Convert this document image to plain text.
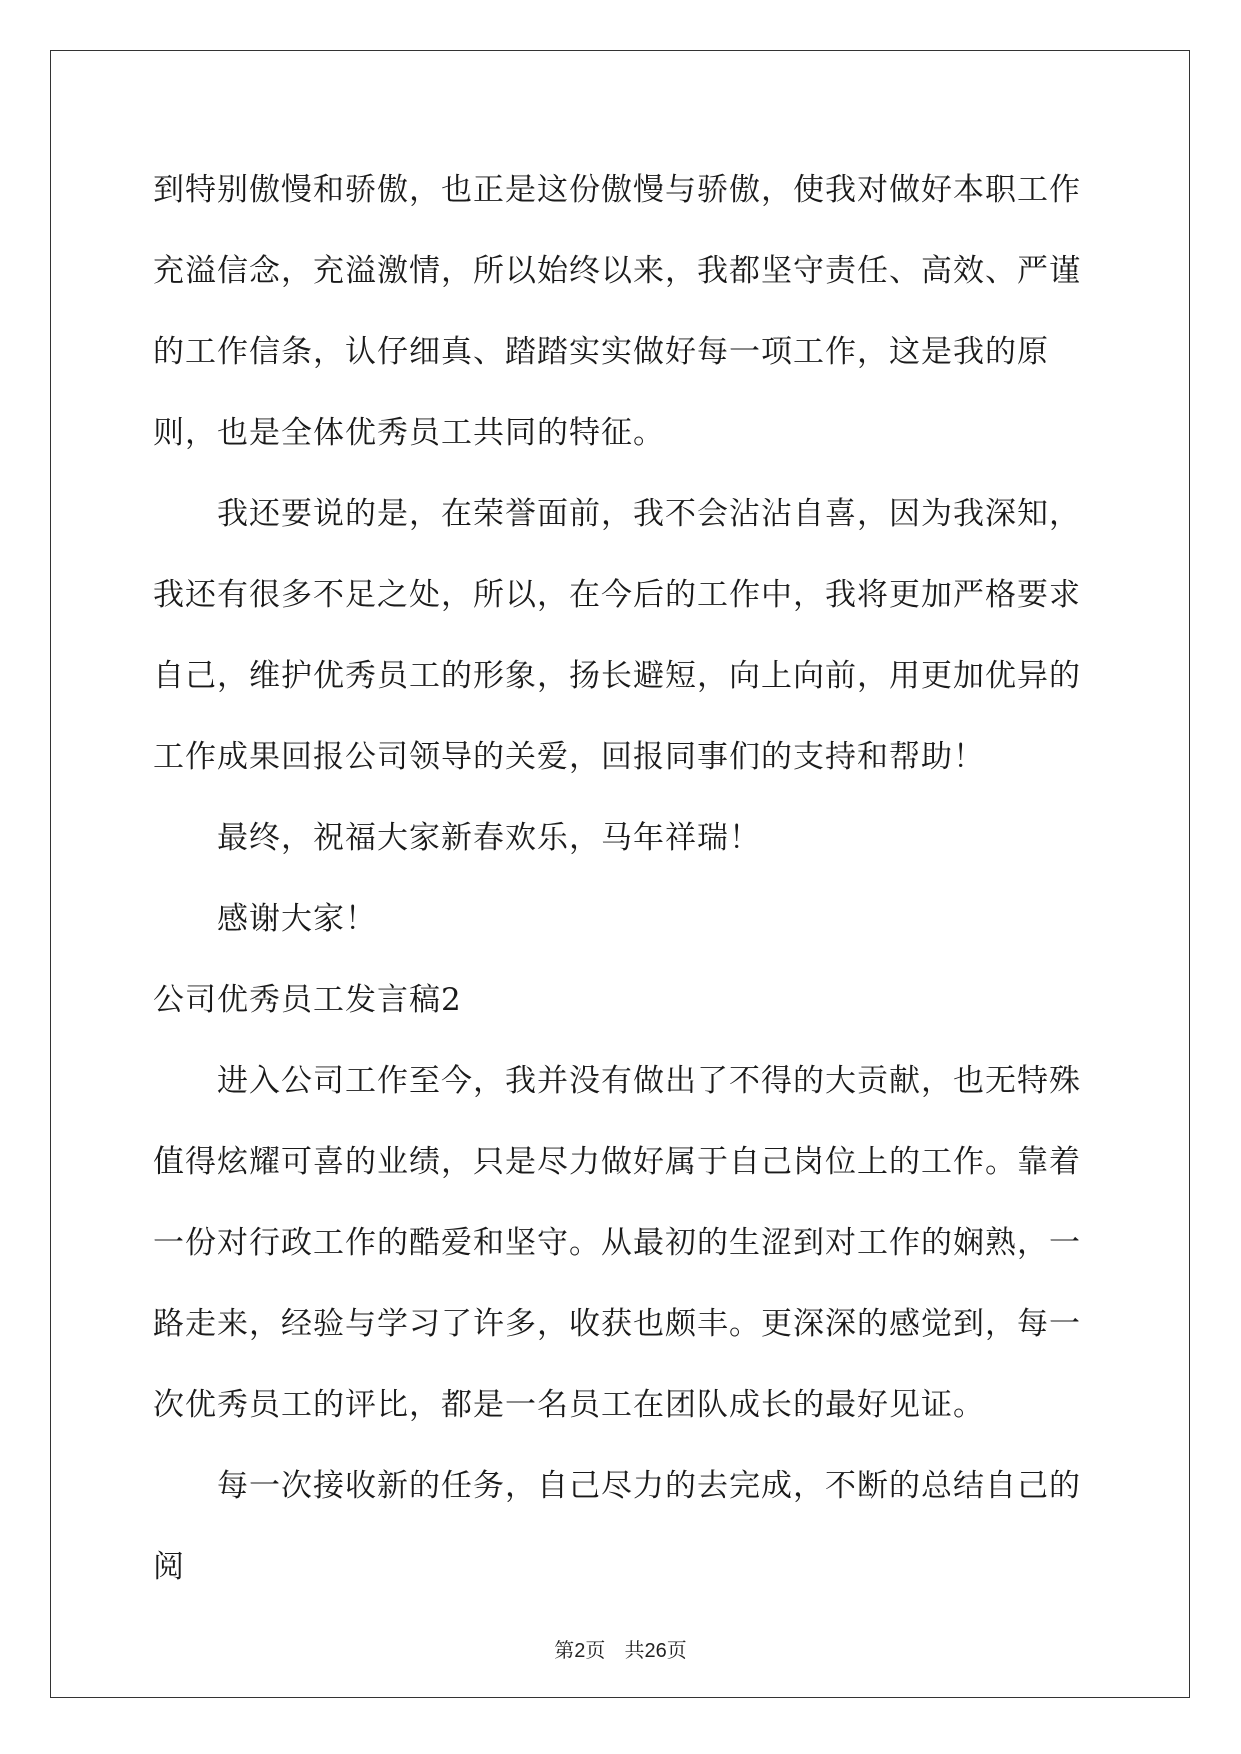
到特别傲慢和骄傲，也正是这份傲慢与骄傲，使我对做好本职工作充溢信念，充溢激情，所以始终以来，我都坚守责任、高效、严谨的工作信条，认仔细真、踏踏实实做好每一项工作，这是我的原则，也是全体优秀员工共同的特征。

我还要说的是，在荣誉面前，我不会沾沾自喜，因为我深知，我还有很多不足之处，所以，在今后的工作中，我将更加严格要求自己，维护优秀员工的形象，扬长避短，向上向前，用更加优异的工作成果回报公司领导的关爱，回报同事们的支持和帮助！

最终，祝福大家新春欢乐，马年祥瑞！

感谢大家！

公司优秀员工发言稿2

进入公司工作至今，我并没有做出了不得的大贡献，也无特殊值得炫耀可喜的业绩，只是尽力做好属于自己岗位上的工作。靠着一份对行政工作的酷爱和坚守。从最初的生涩到对工作的娴熟，一路走来，经验与学习了许多，收获也颇丰。更深深的感觉到，每一次优秀员工的评比，都是一名员工在团队成长的最好见证。

每一次接收新的任务，自己尽力的去完成，不断的总结自己的阅

第2页 共26页
